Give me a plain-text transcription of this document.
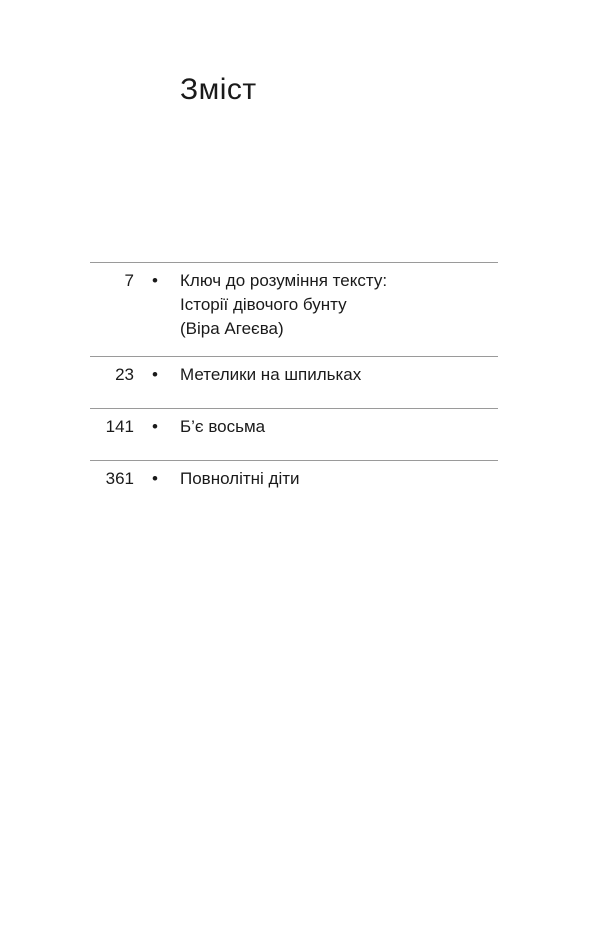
Зміст
7 • Ключ до розуміння тексту:
Історії дівочого бунту
(Віра Агеєва)
23 • Метелики на шпильках
141 • Б’є восьма
361 • Повнолітні діти
